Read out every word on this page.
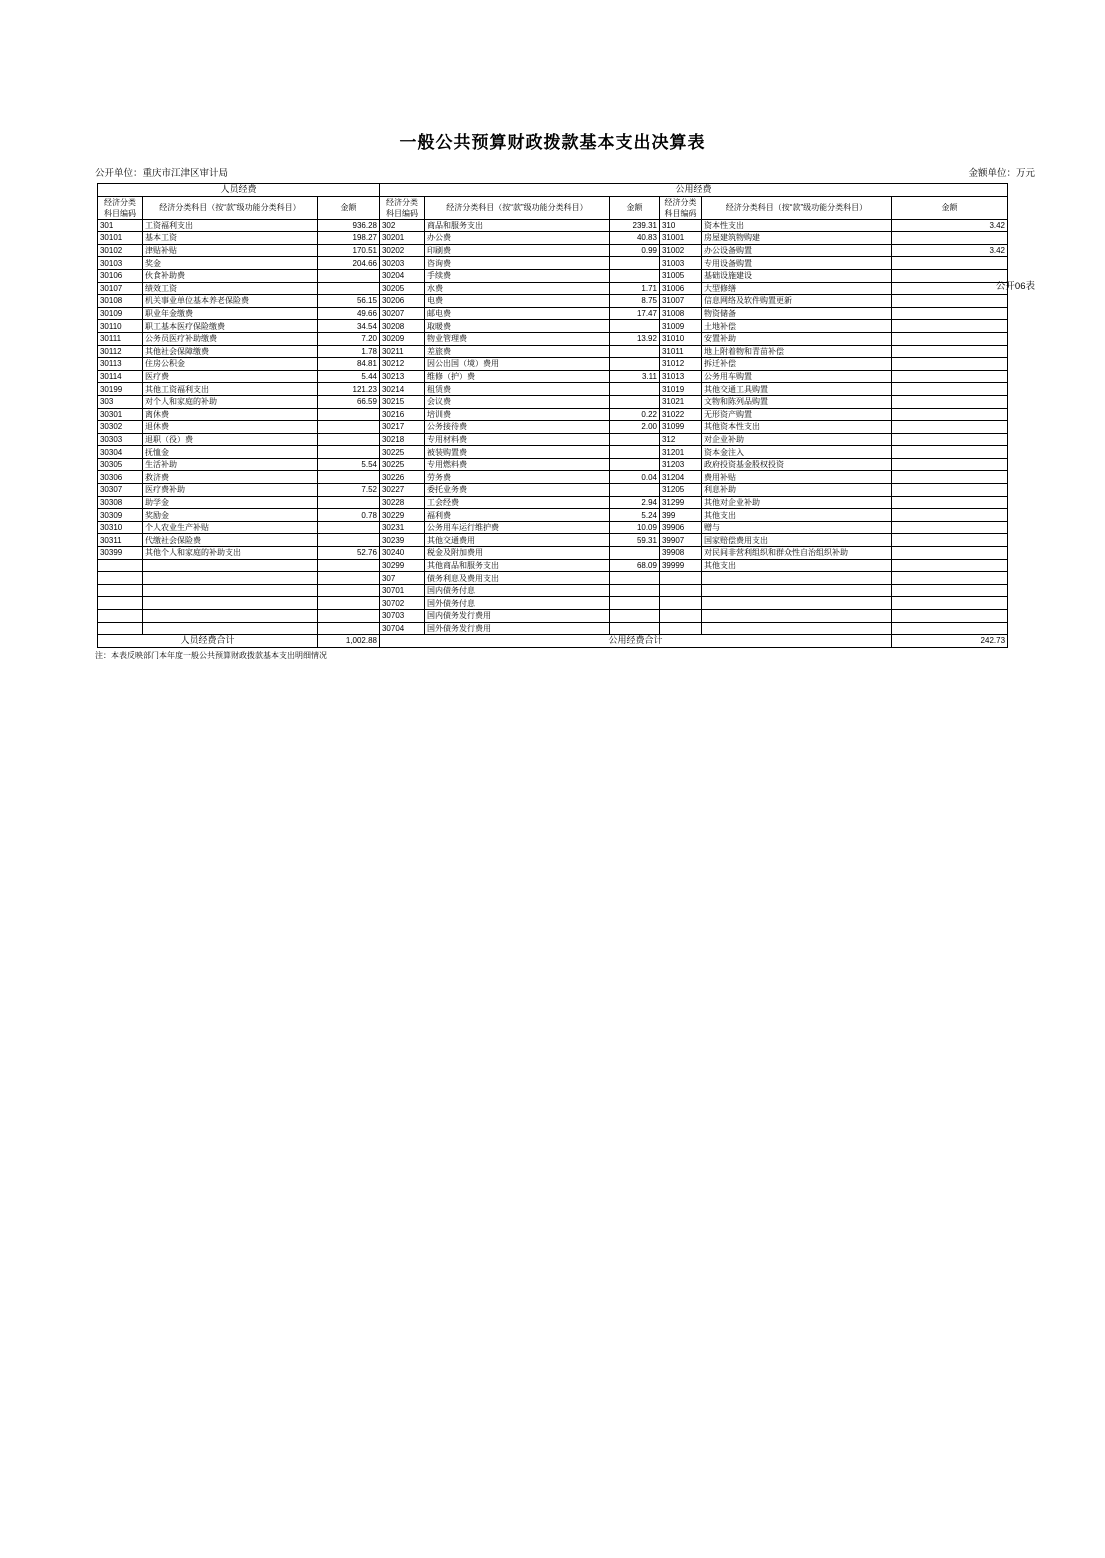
一般公共预算财政拨款基本支出决算表
公开06表
公开单位：重庆市江津区审计局	金额单位：万元
人员经费			公用经费					
经济分类
科目编码	经济分类科目（按“款”级功能分类科目）	金额	经济分类
科目编码	经济分类科目（按“款”级功能分类科目）	金额	经济分类
科目编码	经济分类科目（按“款”级功能分类科目）	金额
301	工资福利支出	936.28	302	商品和服务支出	239.31	310	资本性支出	3.42
30101	基本工资	198.27	30201	办公费	40.83	31001	房屋建筑物购建	
30102	津贴补贴	170.51	30202	印刷费	0.99	31002	办公设备购置	3.42
30103	奖金	204.66	30203	咨询费		31003	专用设备购置	
30106	伙食补助费		30204	手续费		31005	基础设施建设	
30107	绩效工资		30205	水费	1.71	31006	大型修缮	
30108	机关事业单位基本养老保险费	56.15	30206	电费	8.75	31007	信息网络及软件购置更新	
30109	职业年金缴费	49.66	30207	邮电费	17.47	31008	物资储备	
30110	职工基本医疗保险缴费	34.54	30208	取暖费		31009	土地补偿	
30111	公务员医疗补助缴费	7.20	30209	物业管理费	13.92	31010	安置补助	
30112	其他社会保障缴费	1.78	30211	差旅费		31011	地上附着物和青苗补偿	
30113	住房公积金	84.81	30212	因公出国（境）费用		31012	拆迁补偿	
30114	医疗费	5.44	30213	维修（护）费	3.11	31013	公务用车购置	
30199	其他工资福利支出	121.23	30214	租赁费		31019	其他交通工具购置	
303	对个人和家庭的补助	66.59	30215	会议费		31021	文物和陈列品购置	
30301	离休费		30216	培训费	0.22	31022	无形资产购置	
30302	退休费		30217	公务接待费	2.00	31099	其他资本性支出	
30303	退职（役）费		30218	专用材料费		312	对企业补助	
30304	抚恤金		30225	被装购置费		31201	资本金注入	
30305	生活补助	5.54	30225	专用燃料费		31203	政府投资基金股权投资	
30306	救济费		30226	劳务费	0.04	31204	费用补贴	
30307	医疗费补助	7.52	30227	委托业务费		31205	利息补助	
30308	助学金		30228	工会经费	2.94	31299	其他对企业补助	
30309	奖励金	0.78	30229	福利费	5.24	399	其他支出	
30310	个人农业生产补贴		30231	公务用车运行维护费	10.09	39906	赠与	
30311	代缴社会保险费		30239	其他交通费用	59.31	39907	国家赔偿费用支出	
30399	其他个人和家庭的补助支出	52.76	30240	税金及附加费用		39908	对民间非营利组织和群众性自治组织补助	
			30299	其他商品和服务支出	68.09	39999	其他支出	
			307	债务利息及费用支出				
			30701	国内债务付息				
			30702	国外债务付息				
			30703	国内债务发行费用				
			30704	国外债务发行费用				
人员经费合计		1,002.88	公用经费合计					242.73
注：本表反映部门本年度一般公共预算财政拨款基本支出明细情况
